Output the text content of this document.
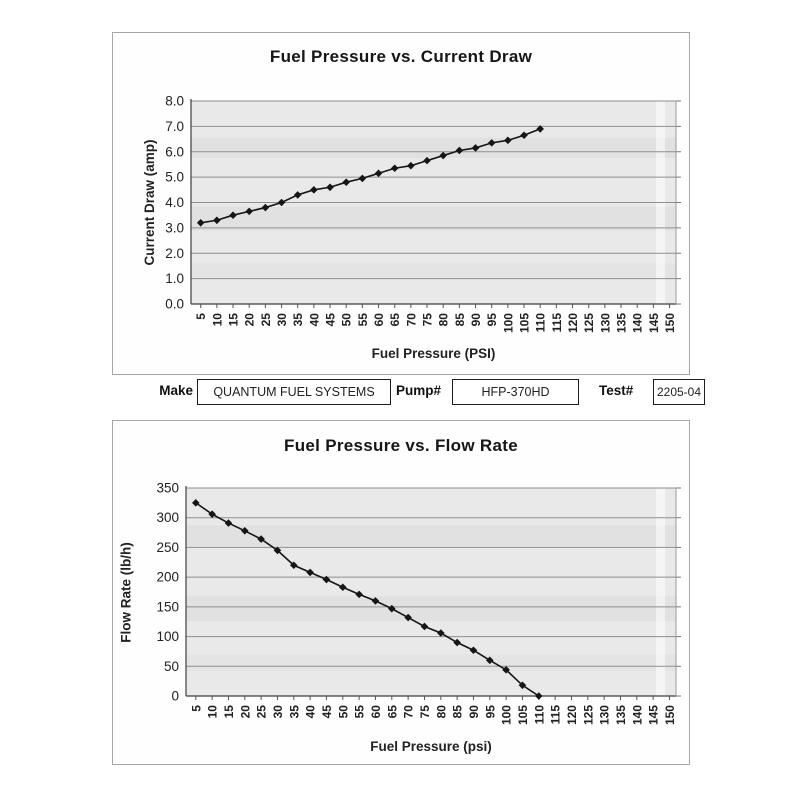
Fuel Pressure vs. Current Draw
Current Draw (amp)
Fuel Pressure (PSI)
0.0
1.0
2.0
3.0
4.0
5.0
6.0
7.0
8.0
5 10 15 20 25 30 35 40 45 50 55 60 65 70 75 80 85 90 95 100 105 110 115 120 125 130 135 140 145 150
Make	QUANTUM FUEL SYSTEMS	Pump#	HFP-370HD	Test#	2205-04
Fuel Pressure vs. Flow Rate
Flow Rate (lb/h)
Fuel Pressure (psi)
0
50
100
150
200
250
300
350
5 10 15 20 25 30 35 40 45 50 55 60 65 70 75 80 85 90 95 100 105 110 115 120 125 130 135 140 145 150
